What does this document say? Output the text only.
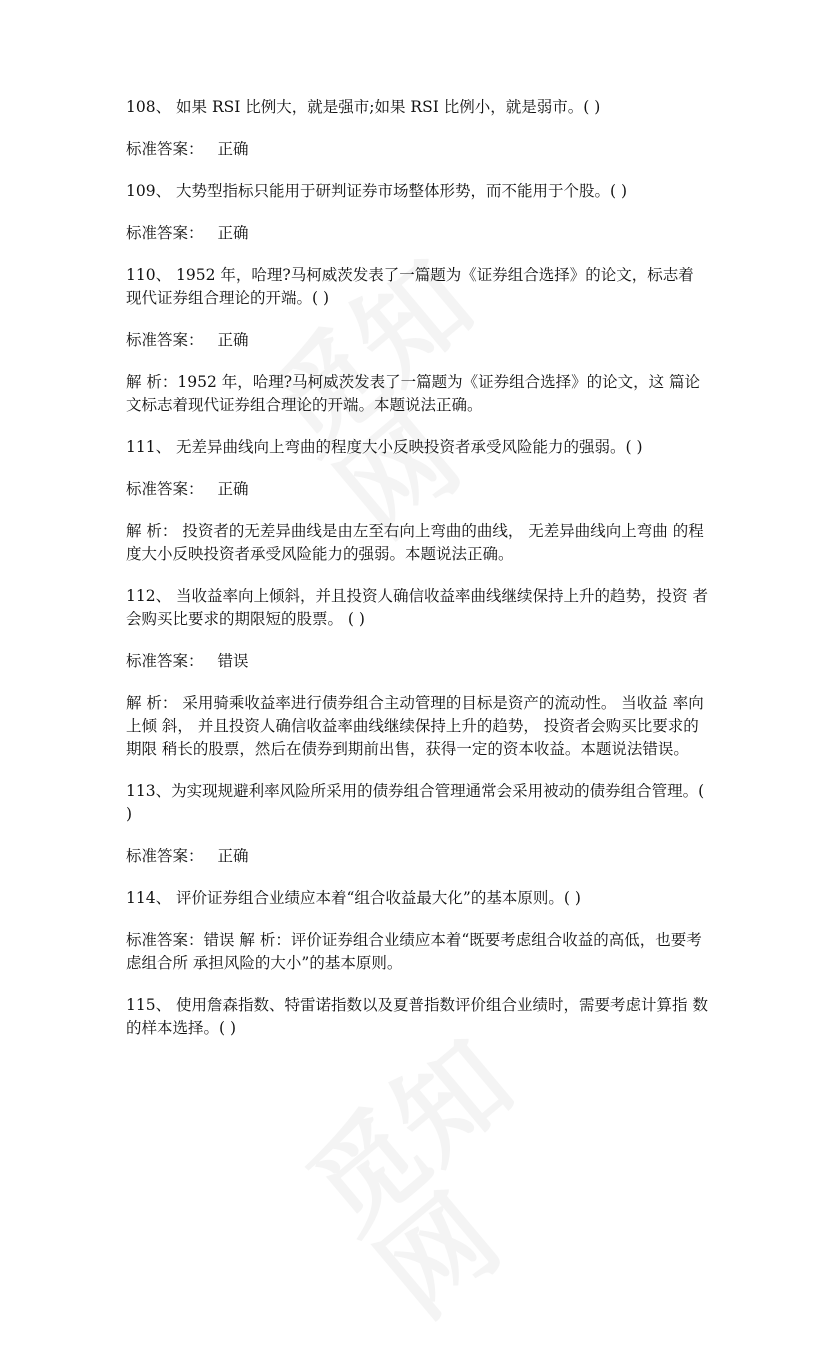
108、 如果 RSI 比例大，就是强市;如果 RSI 比例小，就是弱市。( )

标准答案： 正确

109、 大势型指标只能用于研判证券市场整体形势，而不能用于个股。( )

标准答案： 正确

110、 1952 年，哈理?马柯威茨发表了一篇题为《证券组合选择》的论文，标志着 现代证券组合理论的开端。( )

标准答案： 正确

解 析：1952 年，哈理?马柯威茨发表了一篇题为《证券组合选择》的论文，这 篇论文标志着现代证券组合理论的开端。本题说法正确。

111、 无差异曲线向上弯曲的程度大小反映投资者承受风险能力的强弱。( )

标准答案： 正确

解 析： 投资者的无差异曲线是由左至右向上弯曲的曲线， 无差异曲线向上弯曲 的程度大小反映投资者承受风险能力的强弱。本题说法正确。

112、 当收益率向上倾斜，并且投资人确信收益率曲线继续保持上升的趋势，投资 者会购买比要求的期限短的股票。 ( )

标准答案： 错误

解 析： 采用骑乘收益率进行债券组合主动管理的目标是资产的流动性。 当收益 率向上倾 斜， 并且投资人确信收益率曲线继续保持上升的趋势， 投资者会购买比要求的期限 稍长的股票，然后在债券到期前出售，获得一定的资本收益。本题说法错误。

113、为实现规避利率风险所采用的债券组合管理通常会采用被动的债券组合管理。( )

标准答案： 正确

114、 评价证券组合业绩应本着“组合收益最大化”的基本原则。( )

标准答案：错误 解 析：评价证券组合业绩应本着“既要考虑组合收益的高低，也要考虑组合所 承担风险的大小”的基本原则。

115、 使用詹森指数、特雷诺指数以及夏普指数评价组合业绩时，需要考虑计算指 数的样本选择。( )
